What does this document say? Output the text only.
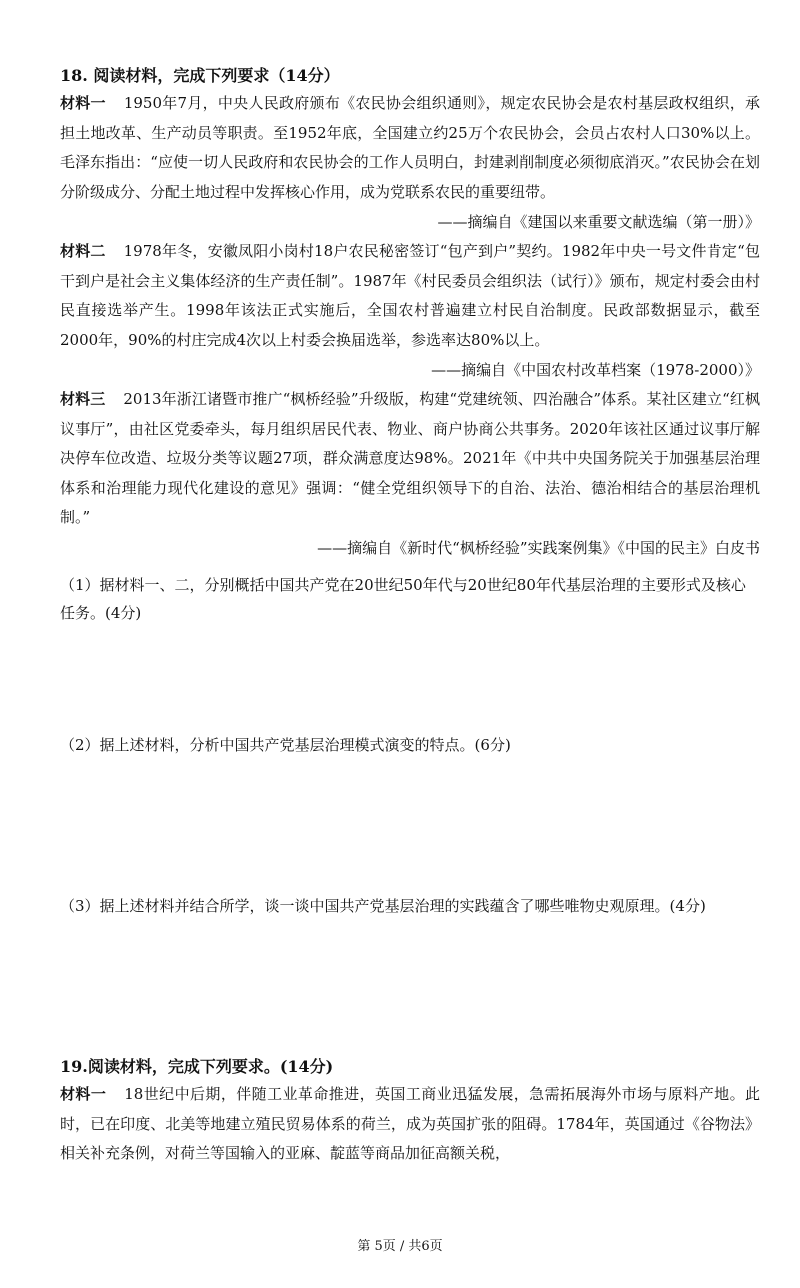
18. 阅读材料，完成下列要求（14分）

材料一 1950年7月，中央人民政府颁布《农民协会组织通则》，规定农民协会是农村基层政权组织，承担土地改革、生产动员等职责。至1952年底，全国建立约25万个农民协会，会员占农村人口30%以上。毛泽东指出：“应使一切人民政府和农民协会的工作人员明白，封建剥削制度必须彻底消灭。”农民协会在划分阶级成分、分配土地过程中发挥核心作用，成为党联系农民的重要纽带。

——摘编自《建国以来重要文献选编（第一册）》

材料二 1978年冬，安徽凤阳小岗村18户农民秘密签订“包产到户”契约。1982年中央一号文件肯定“包干到户是社会主义集体经济的生产责任制”。1987年《村民委员会组织法（试行）》颁布，规定村委会由村民直接选举产生。1998年该法正式实施后，全国农村普遍建立村民自治制度。民政部数据显示，截至2000年，90%的村庄完成4次以上村委会换届选举，参选率达80%以上。

——摘编自《中国农村改革档案（1978-2000）》

材料三 2013年浙江诸暨市推广“枫桥经验”升级版，构建“党建统领、四治融合”体系。某社区建立“红枫议事厅”，由社区党委牵头，每月组织居民代表、物业、商户协商公共事务。2020年该社区通过议事厅解决停车位改造、垃圾分类等议题27项，群众满意度达98%。2021年《中共中央国务院关于加强基层治理体系和治理能力现代化建设的意见》强调：“健全党组织领导下的自治、法治、德治相结合的基层治理机制。”

——摘编自《新时代“枫桥经验”实践案例集》《中国的民主》白皮书

（1）据材料一、二，分别概括中国共产党在20世纪50年代与20世纪80年代基层治理的主要形式及核心任务。(4分)

（2）据上述材料，分析中国共产党基层治理模式演变的特点。(6分)

（3）据上述材料并结合所学，谈一谈中国共产党基层治理的实践蕴含了哪些唯物史观原理。(4分)

19.阅读材料，完成下列要求。(14分)

材料一 18世纪中后期，伴随工业革命推进，英国工商业迅猛发展，急需拓展海外市场与原料产地。此时，已在印度、北美等地建立殖民贸易体系的荷兰，成为英国扩张的阻碍。1784年，英国通过《谷物法》相关补充条例，对荷兰等国输入的亚麻、靛蓝等商品加征高额关税，

第 5页 / 共6页
